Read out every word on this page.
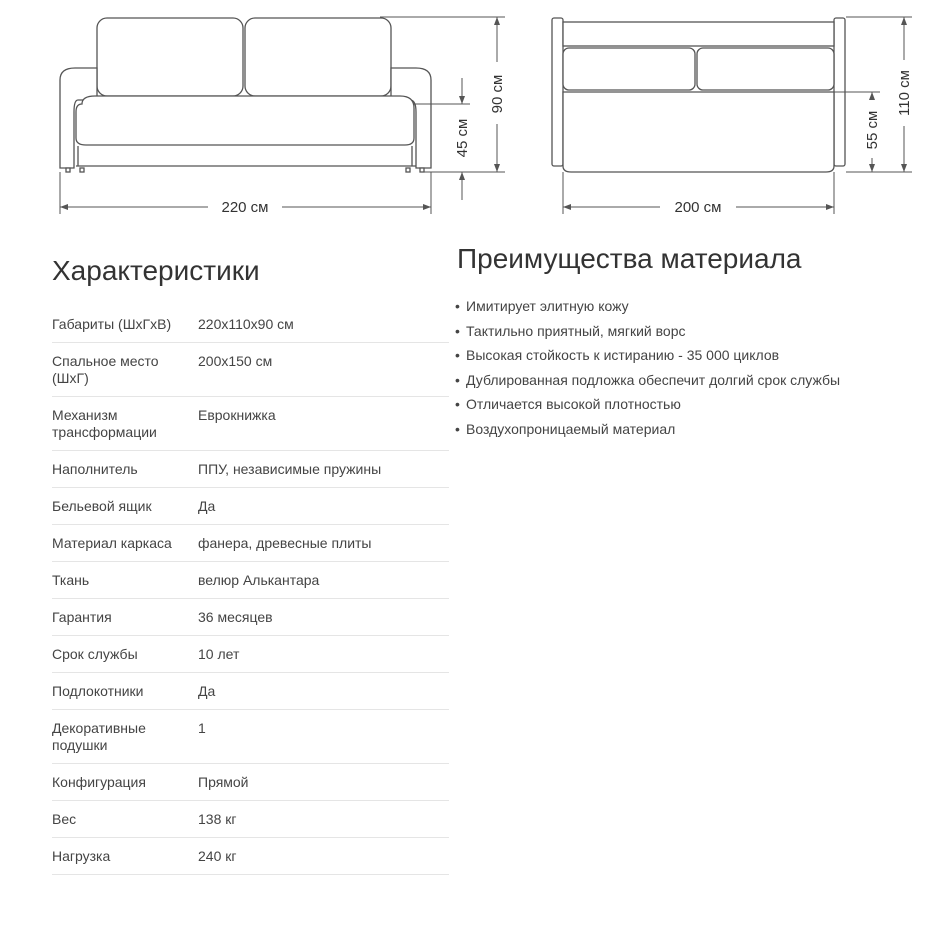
220 см
90 см
45 см
200 см
110 см
55 см
Характеристики
Габариты (ШхГхВ)	220х110х90 см
Спальное место (ШхГ)	200х150 см
Механизм трансформации	Еврокнижка
Наполнитель	ППУ, независимые пружины
Бельевой ящик	Да
Материал каркаса	фанера, древесные плиты
Ткань	велюр Алькантара
Гарантия	36 месяцев
Срок службы	10 лет
Подлокотники	Да
Декоративные подушки	1
Конфигурация	Прямой
Вес	138 кг
Нагрузка	240 кг
Преимущества материала
• Имитирует элитную кожу
• Тактильно приятный, мягкий ворс
• Высокая стойкость к истиранию - 35 000 циклов
• Дублированная подложка обеспечит долгий срок службы
• Отличается высокой плотностью
• Воздухопроницаемый материал
